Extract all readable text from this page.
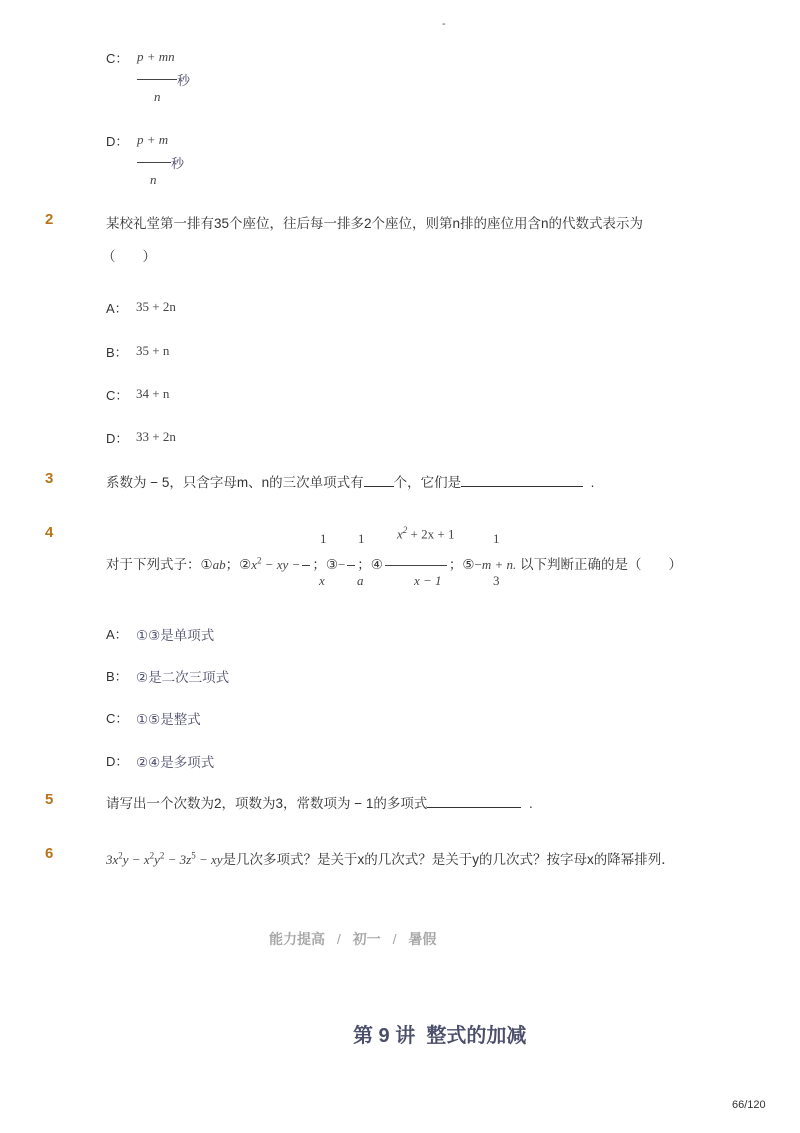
-
C： p + mn
秒
n
D： p + m
秒
n
2	某校礼堂第一排有35个座位，往后每一排多2个座位，则第n排的座位用含n的代数式表示为
（　　）
A： 35 + 2n
B： 35 + n
C： 34 + n
D： 33 + 2n
3	系数为 − 5，只含字母m、n的三次单项式有 个，它们是	.
4	1 1	$x^2 + 2x + 1$	1
对于下列式子：①ab；$②x^2$ − xy − ；③− ；④	；⑤−m + n. 以下判断正确的是（　　）
x a	x − 1	3
A： ①③是单项式
B： ②是二次三项式
C： ①⑤是整式
D： ②④是多项式
5	请写出一个次数为2，项数为3，常数项为 − 1的多项式	.
6	$3x^2y - x^2y^2 - 3z^5$ − xy是几次多项式？是关于x的几次式？是关于y的几次式？按字母x的降幂排列．
能力提高 / 初一 / 暑假
第 9 讲  整式的加减
66/120
